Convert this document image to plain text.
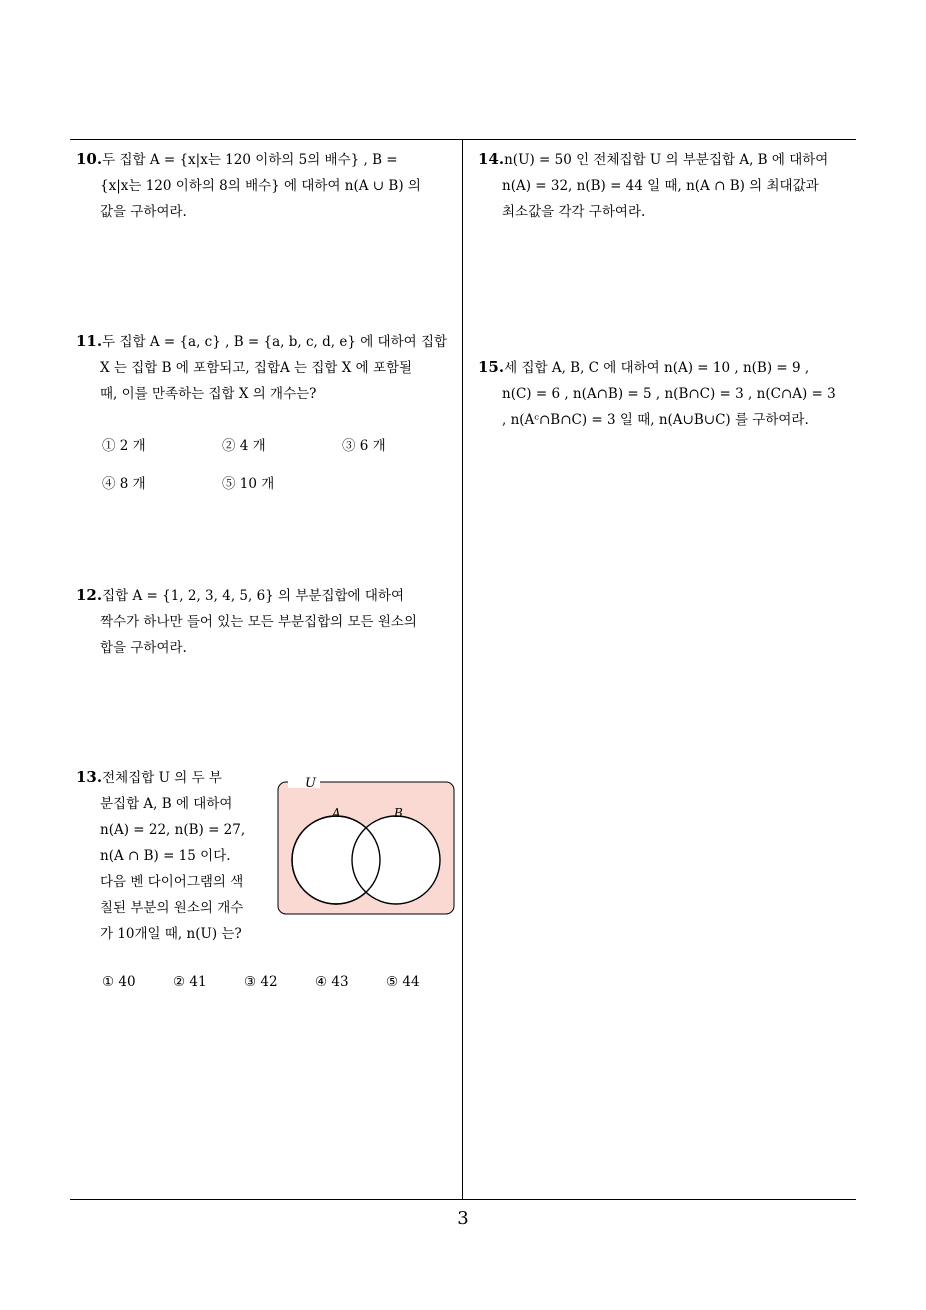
10.두 집합 A = {x|x는 120 이하의 5의 배수} , B =
{x|x는 120 이하의 8의 배수} 에 대하여 n(A ∪ B) 의
값을 구하여라.
11.두 집합 A = {a, c} , B = {a, b, c, d, e} 에 대하여 집합
X 는 집합 B 에 포함되고, 집합A 는 집합 X 에 포함될
때, 이를 만족하는 집합 X 의 개수는?
① 2 개	② 4 개	③ 6 개
④ 8 개	⑤ 10 개
12.집합 A = {1, 2, 3, 4, 5, 6} 의 부분집합에 대하여
짝수가 하나만 들어 있는 모든 부분집합의 모든 원소의
합을 구하여라.
13.전체집합 U 의 두 부
분집합 A, B 에 대하여
n(A) = 22, n(B) = 27,
n(A ∩ B) = 15 이다.
다음 벤 다이어그램의 색
칠된 부분의 원소의 개수
가 10개일 때, n(U) 는?
U
A	B
① 40	② 41	③ 42	④ 43	⑤ 44
14.n(U) = 50 인 전체집합 U 의 부분집합 A, B 에 대하여
n(A) = 32, n(B) = 44 일 때, n(A ∩ B) 의 최대값과
최소값을 각각 구하여라.
15.세 집합 A, B, C 에 대하여 n(A) = 10 , n(B) = 9 ,
n(C) = 6 , n(A∩B) = 5 , n(B∩C) = 3 , n(C∩A) = 3
, n(Aᶜ∩B∩C) = 3 일 때, n(A∪B∪C) 를 구하여라.
3
